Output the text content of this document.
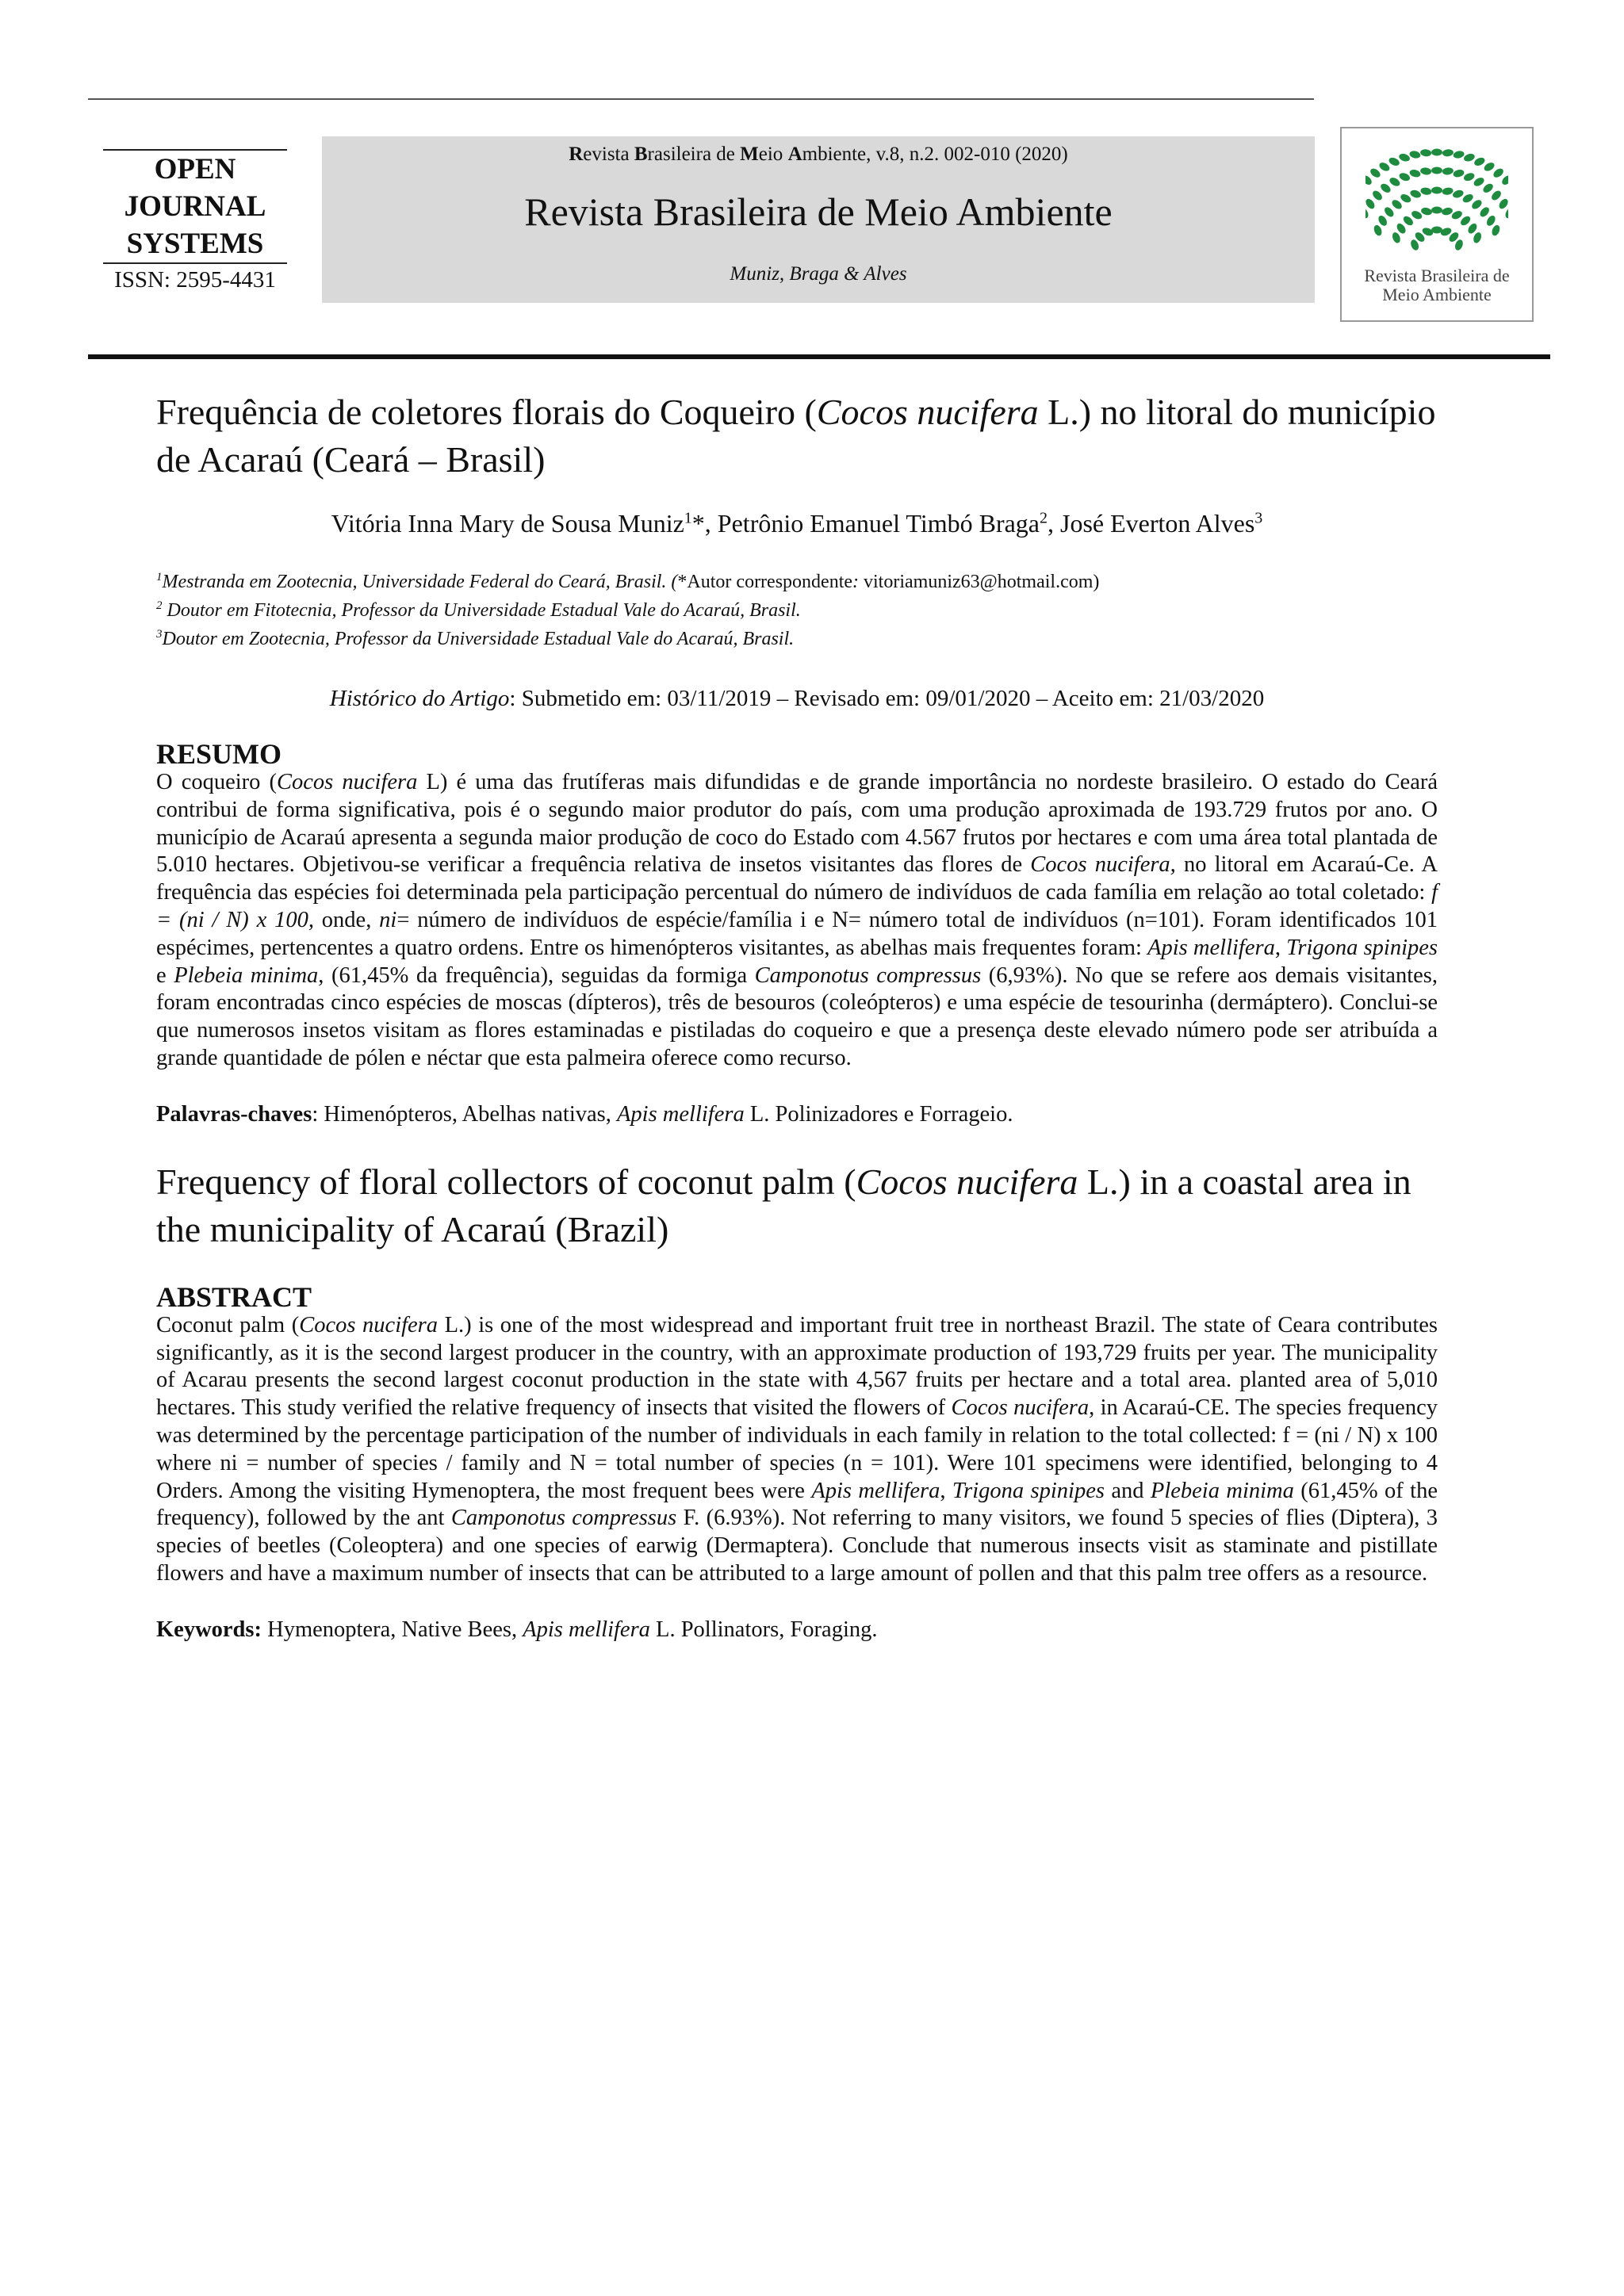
OPEN
JOURNAL
SYSTEMS
ISSN: 2595-4431
Revista Brasileira de Meio Ambiente, v.8, n.2. 002-010 (2020)
Revista Brasileira de Meio Ambiente
Muniz, Braga & Alves	Revista Brasileira de
Meio Ambiente
Frequência de coletores florais do Coqueiro (Cocos nucifera L.) no litoral do município de Acaraú (Ceará – Brasil)
Vitória Inna Mary de Sousa Muniz$^1$*, Petrônio Emanuel Timbó Braga$^2$, José Everton Alves$^3$
$^1$Mestranda em Zootecnia, Universidade Federal do Ceará, Brasil. (*Autor correspondente: vitoriamuniz63@hotmail.com)
$^2$ Doutor em Fitotecnia, Professor da Universidade Estadual Vale do Acaraú, Brasil.
$^3$Doutor em Zootecnia, Professor da Universidade Estadual Vale do Acaraú, Brasil.
Histórico do Artigo: Submetido em: 03/11/2019 – Revisado em: 09/01/2020 – Aceito em: 21/03/2020
RESUMO
O coqueiro (Cocos nucifera L) é uma das frutíferas mais difundidas e de grande importância no nordeste brasileiro. O estado do Ceará contribui de forma significativa, pois é o segundo maior produtor do país, com uma produção aproximada de 193.729 frutos por ano. O município de Acaraú apresenta a segunda maior produção de coco do Estado com 4.567 frutos por hectares e com uma área total plantada de 5.010 hectares. Objetivou-se verificar a frequência relativa de insetos visitantes das flores de Cocos nucifera, no litoral em Acaraú-Ce. A frequência das espécies foi determinada pela participação percentual do número de indivíduos de cada família em relação ao total coletado: f = (ni / N) x 100, onde, ni= número de indivíduos de espécie/família i e N= número total de indivíduos (n=101). Foram identificados 101 espécimes, pertencentes a quatro ordens. Entre os himenópteros visitantes, as abelhas mais frequentes foram: Apis mellifera, Trigona spinipes e Plebeia minima, (61,45% da frequência), seguidas da formiga Camponotus compressus (6,93%). No que se refere aos demais visitantes, foram encontradas cinco espécies de moscas (dípteros), três de besouros (coleópteros) e uma espécie de tesourinha (dermáptero). Conclui-se que numerosos insetos visitam as flores estaminadas e pistiladas do coqueiro e que a presença deste elevado número pode ser atribuída a grande quantidade de pólen e néctar que esta palmeira oferece como recurso.
Palavras-chaves: Himenópteros, Abelhas nativas, Apis mellifera L. Polinizadores e Forrageio.
Frequency of floral collectors of coconut palm (Cocos nucifera L.) in a coastal area in the municipality of Acaraú (Brazil)
ABSTRACT
Coconut palm (Cocos nucifera L.) is one of the most widespread and important fruit tree in northeast Brazil. The state of Ceara contributes significantly, as it is the second largest producer in the country, with an approximate production of 193,729 fruits per year. The municipality of Acarau presents the second largest coconut production in the state with 4,567 fruits per hectare and a total area. planted area of 5,010 hectares. This study verified the relative frequency of insects that visited the flowers of Cocos nucifera, in Acaraú-CE. The species frequency was determined by the percentage participation of the number of individuals in each family in relation to the total collected: f = (ni / N) x 100 where ni = number of species / family and N = total number of species (n = 101). Were 101 specimens were identified, belonging to 4 Orders. Among the visiting Hymenoptera, the most frequent bees were Apis mellifera, Trigona spinipes and Plebeia minima (61,45% of the frequency), followed by the ant Camponotus compressus F. (6.93%). Not referring to many visitors, we found 5 species of flies (Diptera), 3 species of beetles (Coleoptera) and one species of earwig (Dermaptera). Conclude that numerous insects visit as staminate and pistillate flowers and have a maximum number of insects that can be attributed to a large amount of pollen and that this palm tree offers as a resource.
Keywords: Hymenoptera, Native Bees, Apis mellifera L. Pollinators, Foraging.
